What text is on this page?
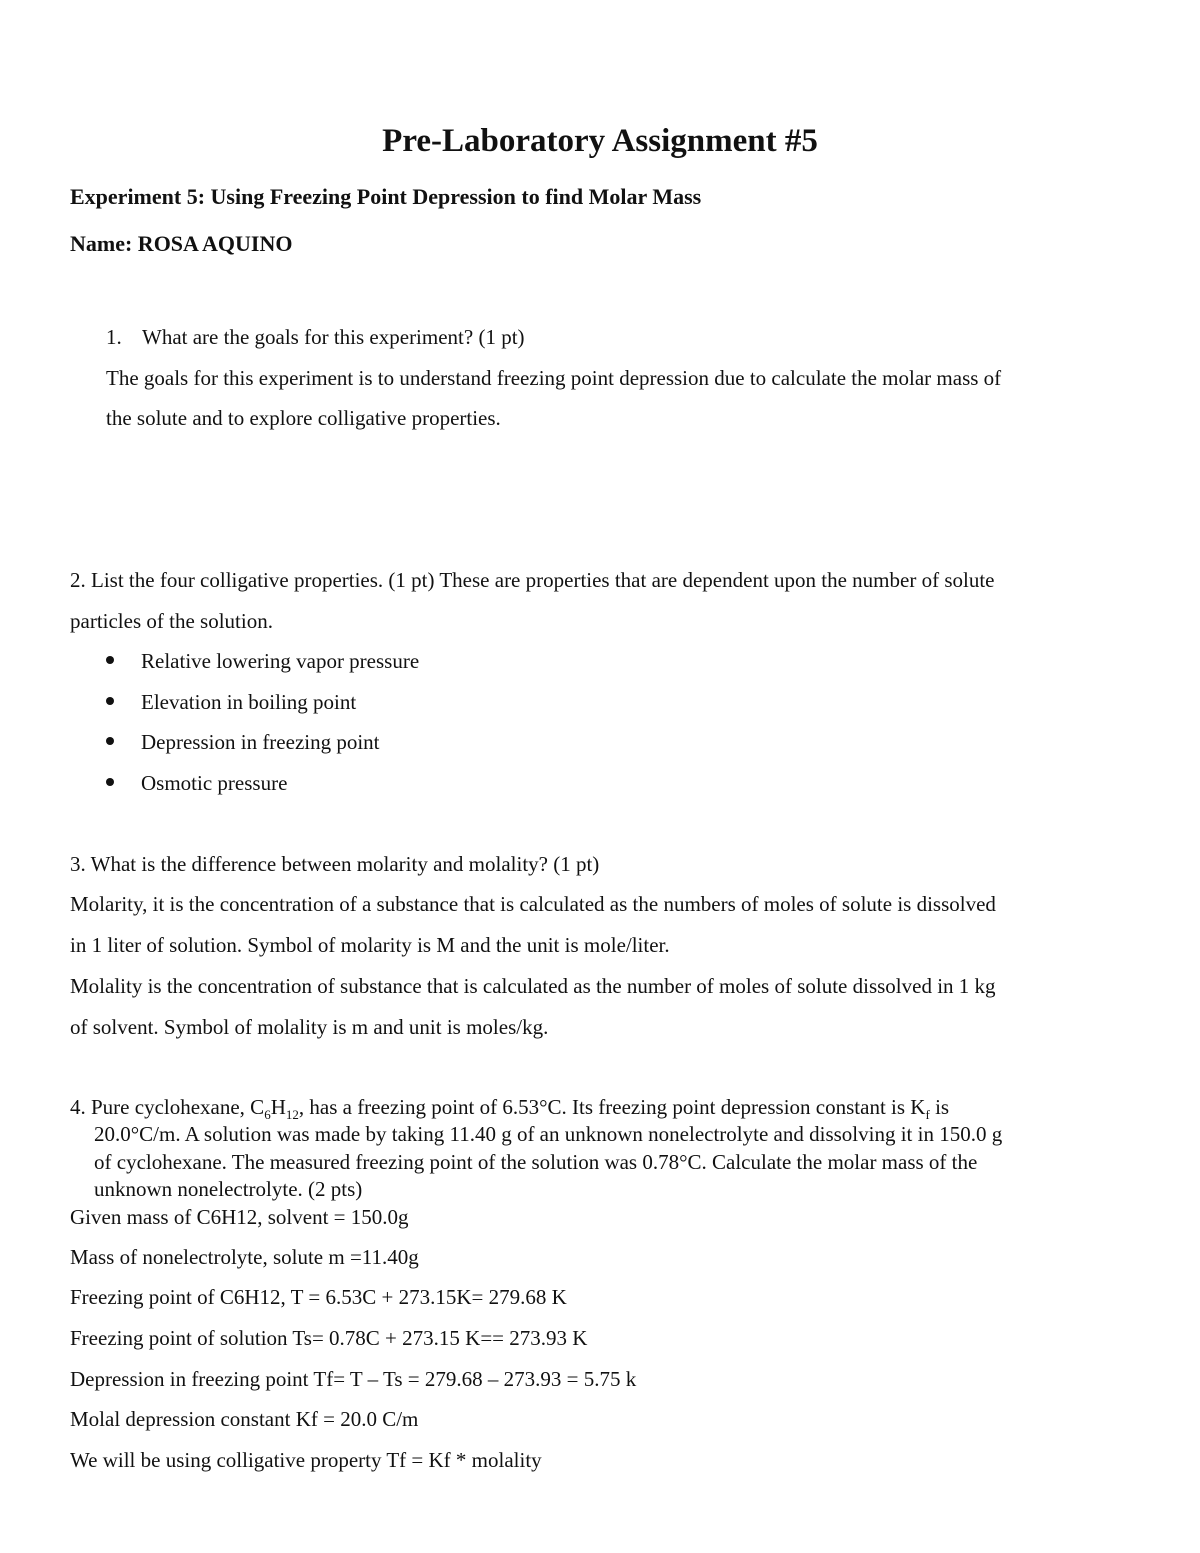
Pre-Laboratory Assignment #5
Experiment 5: Using Freezing Point Depression to find Molar Mass
Name: ROSA AQUINO
1. What are the goals for this experiment? (1 pt)
The goals for this experiment is to understand freezing point depression due to calculate the molar mass of
the solute and to explore colligative properties.
2. List the four colligative properties. (1 pt) These are properties that are dependent upon the number of solute
particles of the solution.
Relative lowering vapor pressure
Elevation in boiling point
Depression in freezing point
Osmotic pressure
3. What is the difference between molarity and molality? (1 pt)
Molarity, it is the concentration of a substance that is calculated as the numbers of moles of solute is dissolved
in 1 liter of solution. Symbol of molarity is M and the unit is mole/liter.
Molality is the concentration of substance that is calculated as the number of moles of solute dissolved in 1 kg
of solvent. Symbol of molality is m and unit is moles/kg.
4. Pure cyclohexane, $C_6H_{12}$, has a freezing point of 6.53°C. Its freezing point depression constant is $K_f$ is
20.0°C/m. A solution was made by taking 11.40 g of an unknown nonelectrolyte and dissolving it in 150.0 g
of cyclohexane. The measured freezing point of the solution was 0.78°C. Calculate the molar mass of the
unknown nonelectrolyte. (2 pts)
Given mass of C6H12, solvent = 150.0g
Mass of nonelectrolyte, solute m =11.40g
Freezing point of C6H12, T = 6.53C + 273.15K= 279.68 K
Freezing point of solution Ts= 0.78C + 273.15 K== 273.93 K
Depression in freezing point Tf= T – Ts = 279.68 – 273.93 = 5.75 k
Molal depression constant Kf = 20.0 C/m
We will be using colligative property Tf = Kf * molality
